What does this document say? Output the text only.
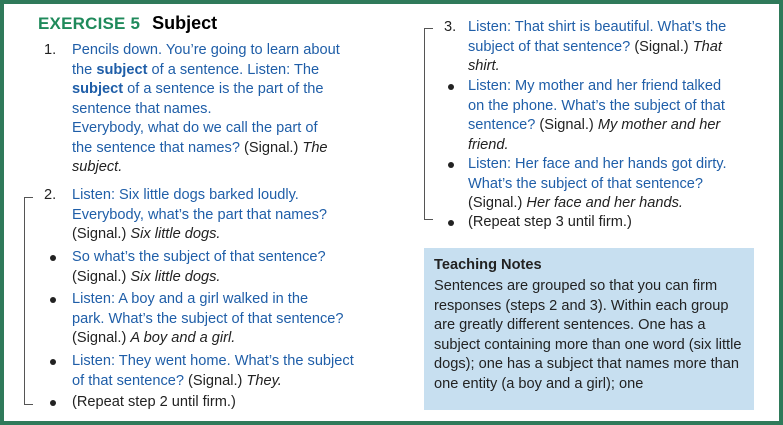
EXERCISE 5 Subject
1. Pencils down. You’re going to learn about
the subject of a sentence. Listen: The
subject of a sentence is the part of the
sentence that names.
Everybody, what do we call the part of
the sentence that names? (Signal.) The
subject.
2. Listen: Six little dogs barked loudly.
Everybody, what’s the part that names?
(Signal.) Six little dogs.
So what’s the subject of that sentence?
(Signal.) Six little dogs.
Listen: A boy and a girl walked in the
park. What’s the subject of that sentence?
(Signal.) A boy and a girl.
Listen: They went home. What’s the subject
of that sentence? (Signal.) They.
(Repeat step 2 until firm.)
3. Listen: That shirt is beautiful. What’s the
subject of that sentence? (Signal.) That
shirt.
Listen: My mother and her friend talked
on the phone. What’s the subject of that
sentence? (Signal.) My mother and her
friend.
Listen: Her face and her hands got dirty.
What’s the subject of that sentence?
(Signal.) Her face and her hands.
(Repeat step 3 until firm.)
Teaching Notes
Sentences are grouped so that you can firm responses (steps 2 and 3). Within each group are greatly different sentences. One has a subject containing more than one word (six little dogs); one has a subject that names more than one entity (a boy and a girl); one
